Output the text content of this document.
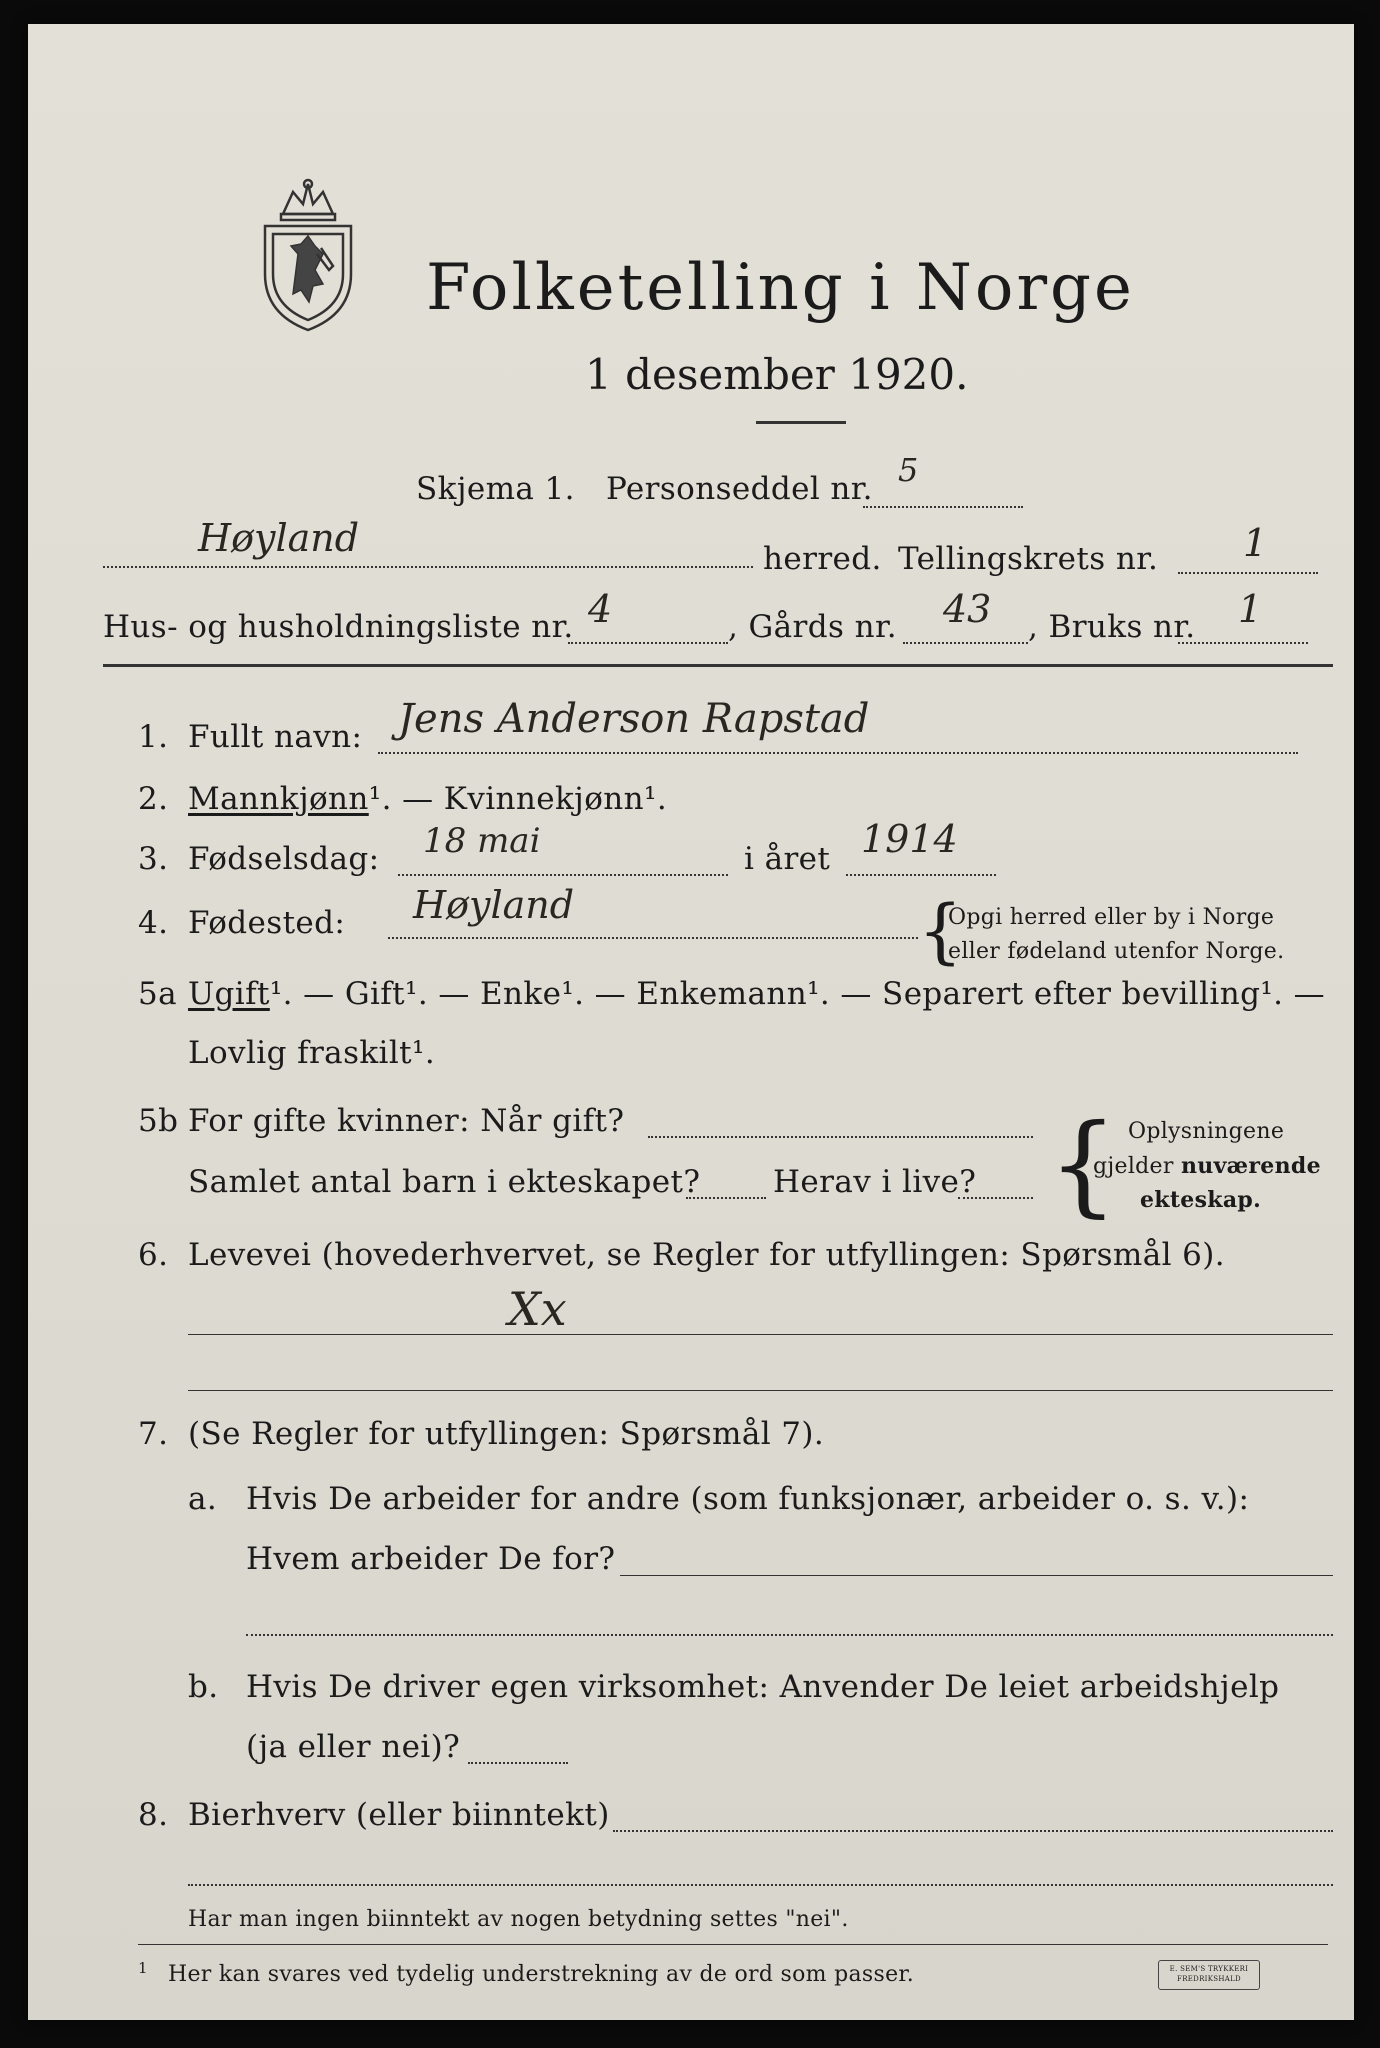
Folketelling i Norge
1 desember 1920.
Skjema 1. Personseddel nr. 5
Høyland	herred. Tellingskrets nr. 1
Hus- og husholdningsliste nr. 4	, Gårds nr. 43 , Bruks nr. 1
1. Fullt navn: Jens Anderson Rapstad
2. Mannkjønn¹. — Kvinnekjønn¹.
3. Fødselsdag: 18 mai	i året 1914
4. Fødested: Høyland	{
Opgi herred eller by i Norge
eller fødeland utenfor Norge.
5a Ugift¹. — Gift¹. — Enke¹. — Enkemann¹. — Separert efter bevilling¹. —
Lovlig fraskilt¹.
5b For gifte kvinner: Når gift?
Samlet antal barn i ekteskapet? Herav i live? { Oplysningene
gjelder nuværende
ekteskap.
6. Levevei (hovederhvervet, se Regler for utfyllingen: Spørsmål 6).
Xx
7. (Se Regler for utfyllingen: Spørsmål 7).
a. Hvis De arbeider for andre (som funksjonær, arbeider o. s. v.):
Hvem arbeider De for?
b. Hvis De driver egen virksomhet: Anvender De leiet arbeidshjelp
(ja eller nei)?
8. Bierhverv (eller biinntekt)
Har man ingen biinntekt av nogen betydning settes "nei".
1 Her kan svares ved tydelig understrekning av de ord som passer.	E. SEM'S TRYKKERI
FREDRIKSHALD
